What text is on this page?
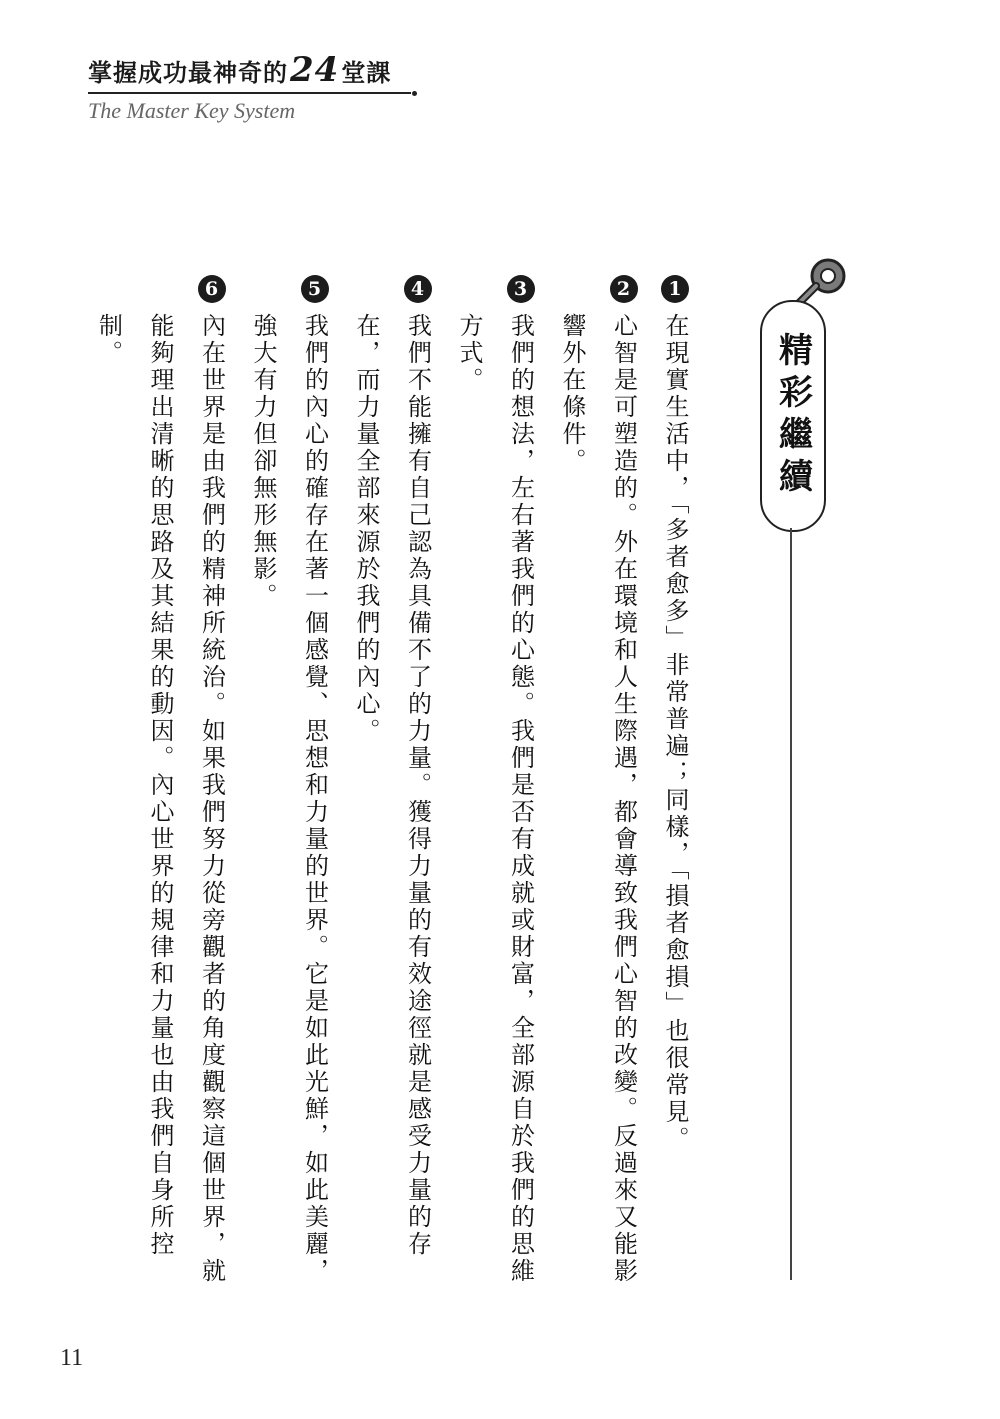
掌握成功最神奇的 24 堂課
The Master Key System
精彩繼續

1在現實生活中，「多者愈多」非常普遍；同樣，「損者愈損」也很常見。

2心智是可塑造的。外在環境和人生際遇，都會導致我們心智的改變。反過來又能影響外在條件。

3我們的想法，左右著我們的心態。我們是否有成就或財富，全部源自於我們的思維方式。

4我們不能擁有自己認為具備不了的力量。獲得力量的有效途徑就是感受力量的存在，而力量全部來源於我們的內心。

5我們的內心的確存在著一個感覺、思想和力量的世界。它是如此光鮮，如此美麗，強大有力但卻無形無影。

6內在世界是由我們的精神所統治。如果我們努力從旁觀者的角度觀察這個世界，就能夠理出清晰的思路及其結果的動因。內心世界的規律和力量也由我們自身所控制。

11
